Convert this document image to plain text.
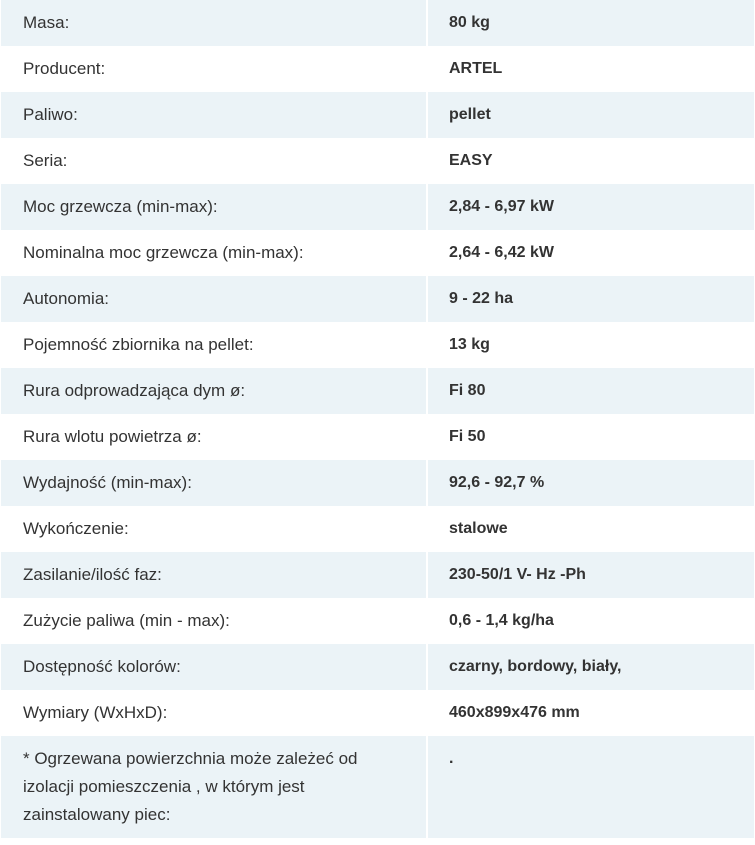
Masa:	80 kg
Producent:	ARTEL
Paliwo:	pellet
Seria:	EASY
Moc grzewcza (min-max):	2,84 - 6,97 kW
Nominalna moc grzewcza (min-max):	2,64 - 6,42 kW
Autonomia:	9 - 22 ha
Pojemność zbiornika na pellet:	13 kg
Rura odprowadzająca dym ø:	Fi 80
Rura wlotu powietrza ø:	Fi 50
Wydajność (min-max):	92,6 - 92,7 %
Wykończenie:	stalowe
Zasilanie/ilość faz:	230-50/1 V- Hz -Ph
Zużycie paliwa (min - max):	0,6 - 1,4 kg/ha
Dostępność kolorów:	czarny, bordowy, biały,
Wymiary (WxHxD):	460x899x476 mm
* Ogrzewana powierzchnia może zależeć od izolacji pomieszczenia , w którym jest zainstalowany piec:	.
